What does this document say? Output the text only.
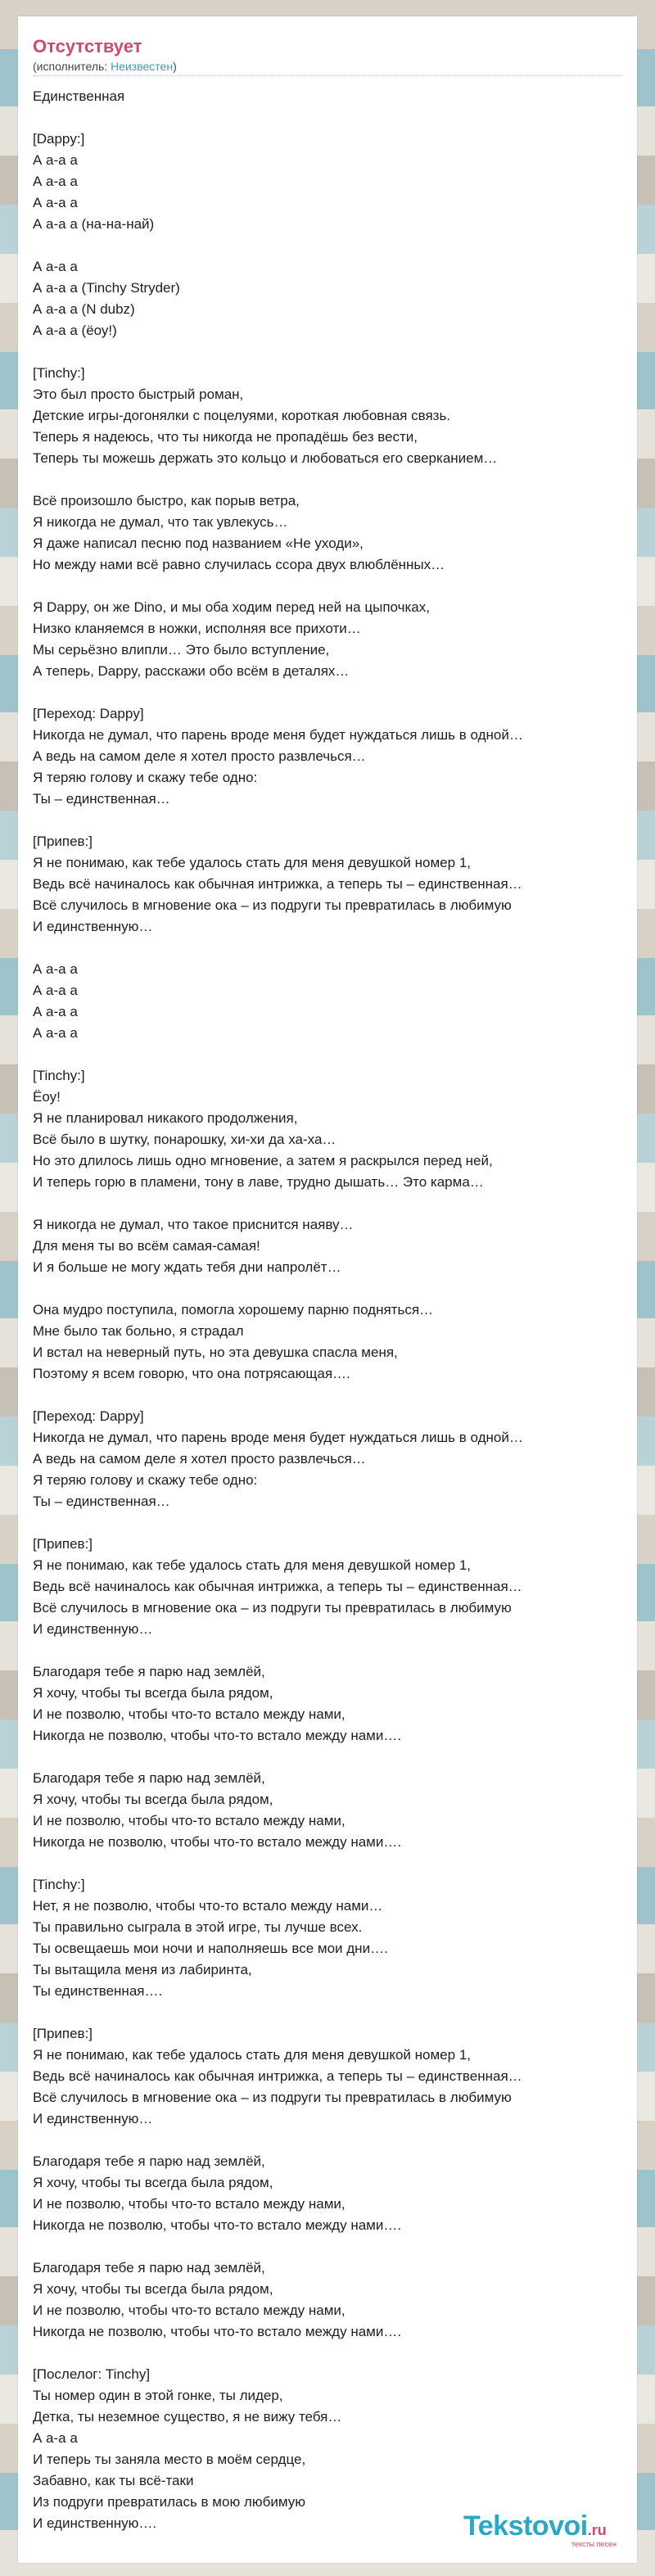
Отсутствует
(исполнитель: Неизвестен)
Единственная
[Dappy:]
А а-а а
А а-а а
А а-а а
А а-а а (на-на-най)
А а-а а
А а-а а (Tinchy Stryder)
А а-а а (N dubz)
А а-а а (ёоу!)
[Tinchy:]
Это был просто быстрый роман,
Детские игры-догонялки с поцелуями, короткая любовная связь.
Теперь я надеюсь, что ты никогда не пропадёшь без вести,
Теперь ты можешь держать это кольцо и любоваться его сверканием…
Всё произошло быстро, как порыв ветра,
Я никогда не думал, что так увлекусь…
Я даже написал песню под названием «Не уходи»,
Но между нами всё равно случилась ссора двух влюблённых…
Я Dappy, он же Dino, и мы оба ходим перед ней на цыпочках,
Низко кланяемся в ножки, исполняя все прихоти…
Мы серьёзно влипли… Это было вступление,
А теперь, Dappy, расскажи обо всём в деталях…
[Переход: Dappy]
Никогда не думал, что парень вроде меня будет нуждаться лишь в одной…
А ведь на самом деле я хотел просто развлечься…
Я теряю голову и скажу тебе одно:
Ты – единственная…
[Припев:]
Я не понимаю, как тебе удалось стать для меня девушкой номер 1,
Ведь всё начиналось как обычная интрижка, а теперь ты – единственная…
Всё случилось в мгновение ока – из подруги ты превратилась в любимую
И единственную…
А а-а а
А а-а а
А а-а а
А а-а а
[Tinchy:]
Ёоу!
Я не планировал никакого продолжения,
Всё было в шутку, понарошку, хи-хи да ха-ха…
Но это длилось лишь одно мгновение, а затем я раскрылся перед ней,
И теперь горю в пламени, тону в лаве, трудно дышать… Это карма…
Я никогда не думал, что такое приснится наяву…
Для меня ты во всём самая-самая!
И я больше не могу ждать тебя дни напролёт…
Она мудро поступила, помогла хорошему парню подняться…
Мне было так больно, я страдал
И встал на неверный путь, но эта девушка спасла меня,
Поэтому я всем говорю, что она потрясающая….
[Переход: Dappy]
Никогда не думал, что парень вроде меня будет нуждаться лишь в одной…
А ведь на самом деле я хотел просто развлечься…
Я теряю голову и скажу тебе одно:
Ты – единственная…
[Припев:]
Я не понимаю, как тебе удалось стать для меня девушкой номер 1,
Ведь всё начиналось как обычная интрижка, а теперь ты – единственная…
Всё случилось в мгновение ока – из подруги ты превратилась в любимую
И единственную…
Благодаря тебе я парю над землёй,
Я хочу, чтобы ты всегда была рядом,
И не позволю, чтобы что-то встало между нами,
Никогда не позволю, чтобы что-то встало между нами….
Благодаря тебе я парю над землёй,
Я хочу, чтобы ты всегда была рядом,
И не позволю, чтобы что-то встало между нами,
Никогда не позволю, чтобы что-то встало между нами….
[Tinchy:]
Нет, я не позволю, чтобы что-то встало между нами…
Ты правильно сыграла в этой игре, ты лучше всех.
Ты освещаешь мои ночи и наполняешь все мои дни….
Ты вытащила меня из лабиринта,
Ты единственная….
[Припев:]
Я не понимаю, как тебе удалось стать для меня девушкой номер 1,
Ведь всё начиналось как обычная интрижка, а теперь ты – единственная…
Всё случилось в мгновение ока – из подруги ты превратилась в любимую
И единственную…
Благодаря тебе я парю над землёй,
Я хочу, чтобы ты всегда была рядом,
И не позволю, чтобы что-то встало между нами,
Никогда не позволю, чтобы что-то встало между нами….
Благодаря тебе я парю над землёй,
Я хочу, чтобы ты всегда была рядом,
И не позволю, чтобы что-то встало между нами,
Никогда не позволю, чтобы что-то встало между нами….
[Послелог: Tinchy]
Ты номер один в этой гонке, ты лидер,
Детка, ты неземное существо, я не вижу тебя…
А а-а а
И теперь ты заняла место в моём сердце,
Забавно, как ты всё-таки
Из подруги превратилась в мою любимую
И единственную….	Tekstovoi.ru
тексты песен
